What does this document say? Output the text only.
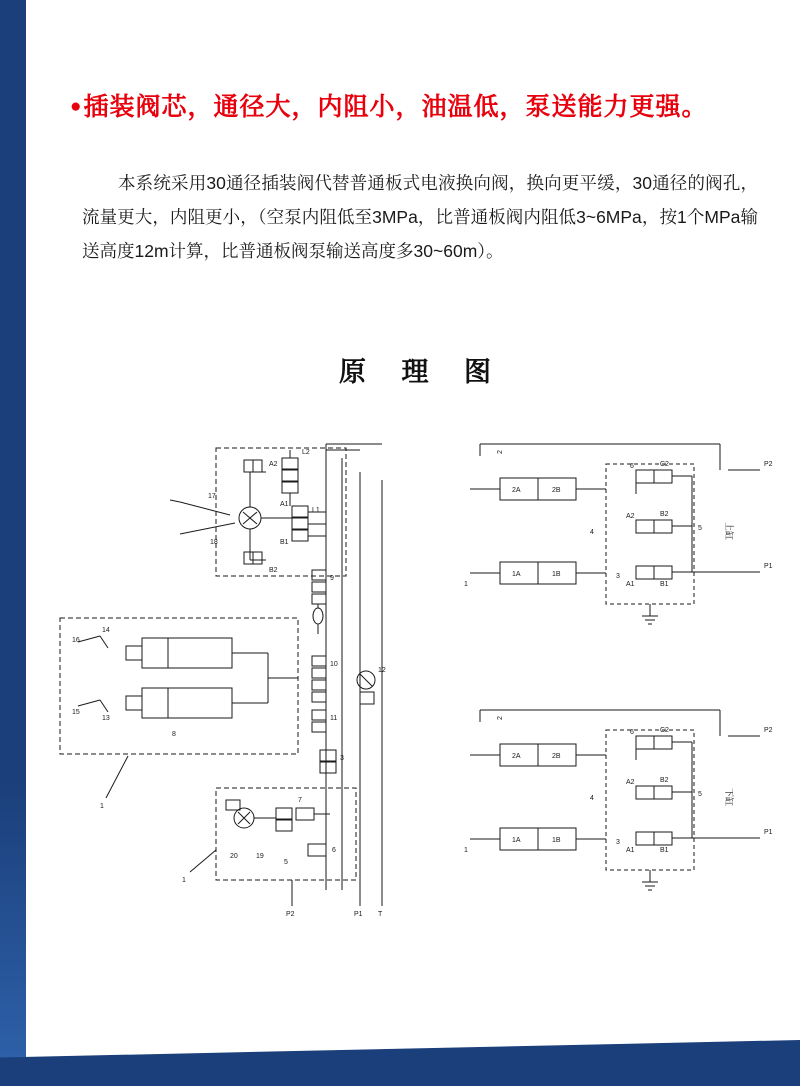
●插装阀芯，通径大，内阻小，油温低，泵送能力更强。
本系统采用30通径插装阀代替普通板式电液换向阀，换向更平缓，30通径的阀孔，流量更大，内阻更小，（空泵内阻低至3MPa，比普通板阀内阻低3~6MPa，按1个MPa输送高度12m计算，比普通板阀泵输送高度多30~60m）。
原 理 图
L2
L1
A1
B1
A2
B2
17
18
9
16
14
15
13
8
1
10
11
12
3
7
6
20	19
5
1
P2	P1 T
2
P2
2A	2B
1A	1B
1
6	C2
A2	B2
5
A1	B1
3
4
P1
上缸
2
P2
2A	2B
1A	1B
1
6	C2
A2	B2
5
A1	B1
3
4
P1
下缸
